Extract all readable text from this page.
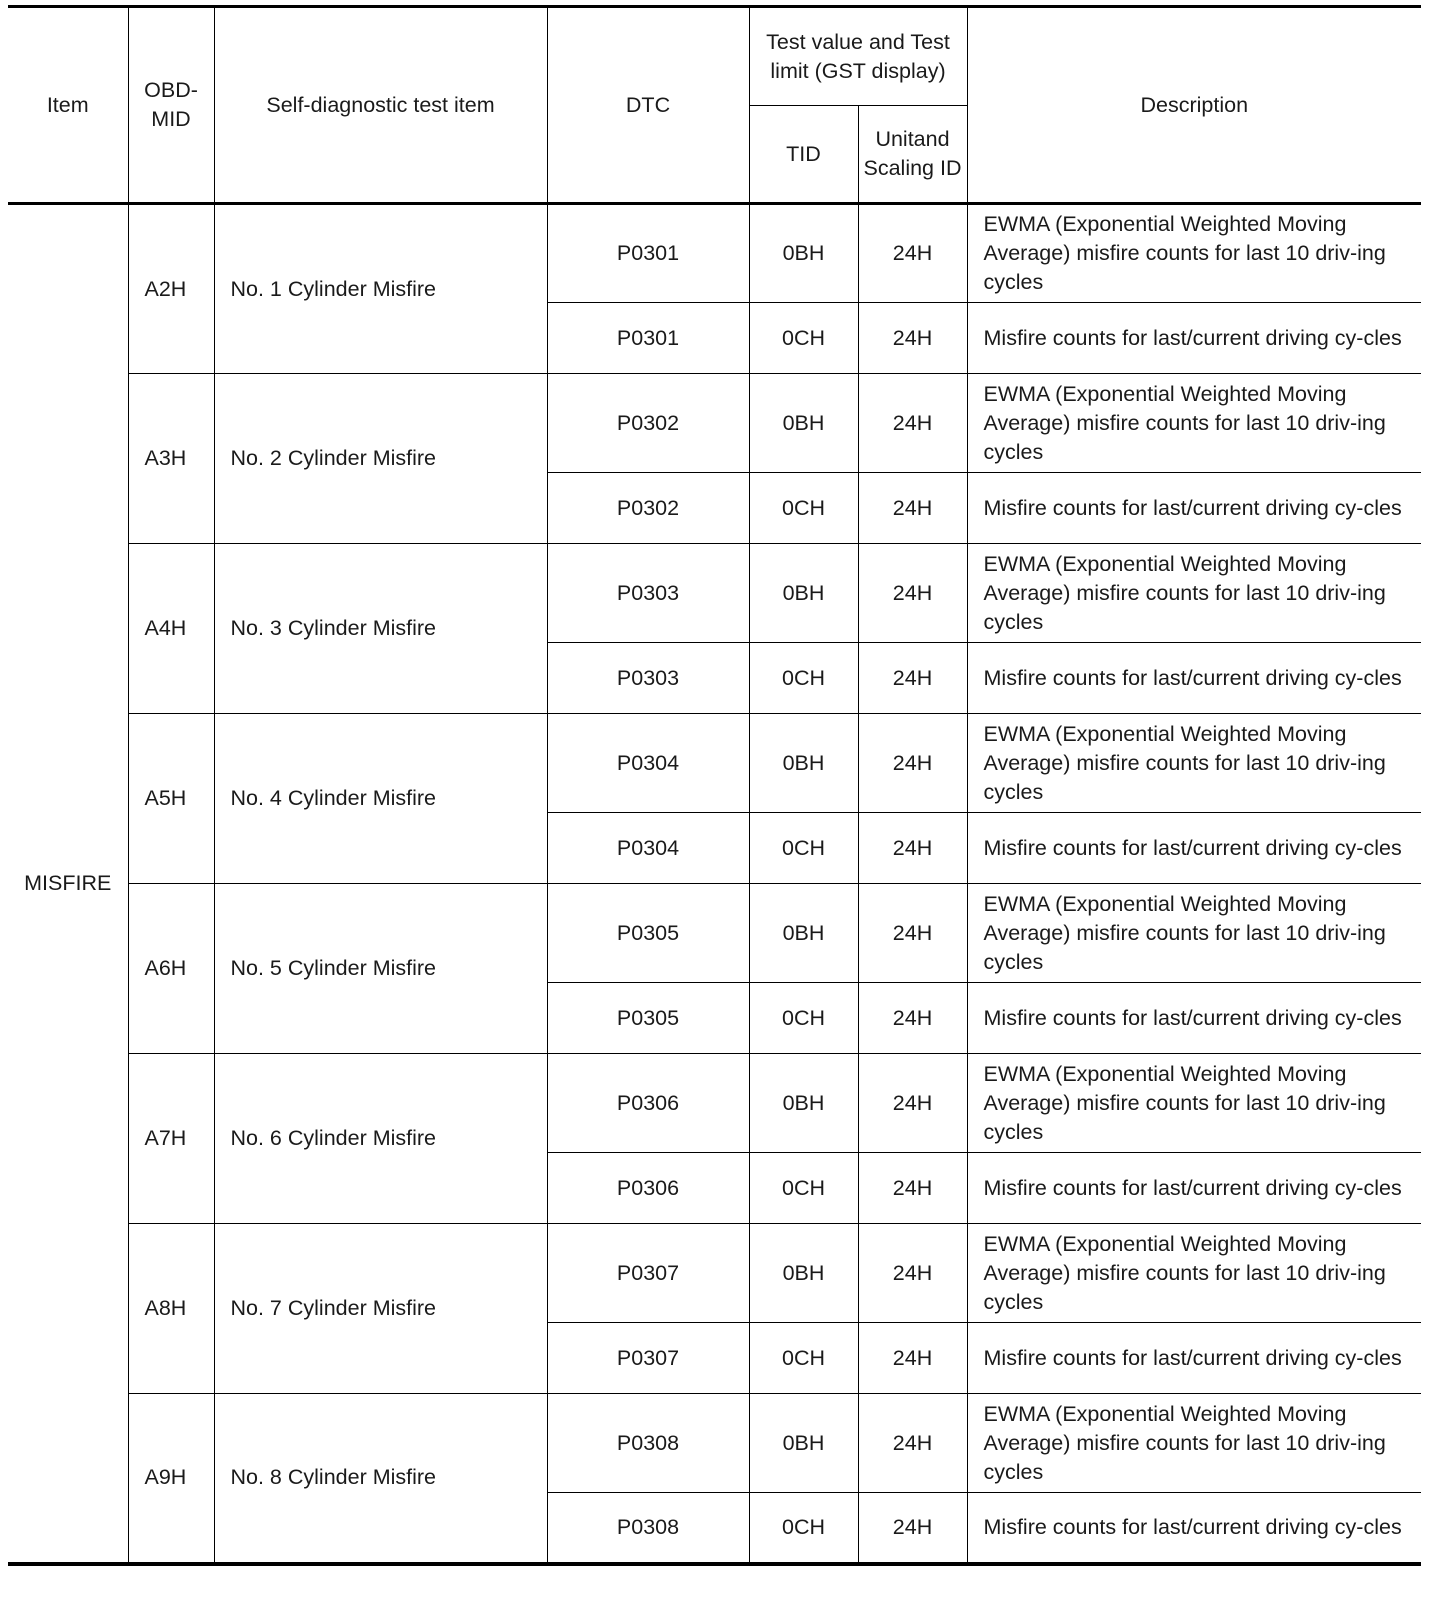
Item	OBD-MID	Self-diagnostic test item	DTC	Test value and Test limit (GST display)		Description
				TID	Unitand Scaling ID	
MISFIRE	A2H	No. 1 Cylinder Misfire	P0301	0BH	24H	EWMA (Exponential Weighted Moving Average) misfire counts for last 10 driv-ing cycles
			P0301	0CH	24H	Misfire counts for last/current driving cy-cles
	A3H	No. 2 Cylinder Misfire	P0302	0BH	24H	EWMA (Exponential Weighted Moving Average) misfire counts for last 10 driv-ing cycles
			P0302	0CH	24H	Misfire counts for last/current driving cy-cles
	A4H	No. 3 Cylinder Misfire	P0303	0BH	24H	EWMA (Exponential Weighted Moving Average) misfire counts for last 10 driv-ing cycles
			P0303	0CH	24H	Misfire counts for last/current driving cy-cles
	A5H	No. 4 Cylinder Misfire	P0304	0BH	24H	EWMA (Exponential Weighted Moving Average) misfire counts for last 10 driv-ing cycles
			P0304	0CH	24H	Misfire counts for last/current driving cy-cles
	A6H	No. 5 Cylinder Misfire	P0305	0BH	24H	EWMA (Exponential Weighted Moving Average) misfire counts for last 10 driv-ing cycles
			P0305	0CH	24H	Misfire counts for last/current driving cy-cles
	A7H	No. 6 Cylinder Misfire	P0306	0BH	24H	EWMA (Exponential Weighted Moving Average) misfire counts for last 10 driv-ing cycles
			P0306	0CH	24H	Misfire counts for last/current driving cy-cles
	A8H	No. 7 Cylinder Misfire	P0307	0BH	24H	EWMA (Exponential Weighted Moving Average) misfire counts for last 10 driv-ing cycles
			P0307	0CH	24H	Misfire counts for last/current driving cy-cles
	A9H	No. 8 Cylinder Misfire	P0308	0BH	24H	EWMA (Exponential Weighted Moving Average) misfire counts for last 10 driv-ing cycles
			P0308	0CH	24H	Misfire counts for last/current driving cy-cles
